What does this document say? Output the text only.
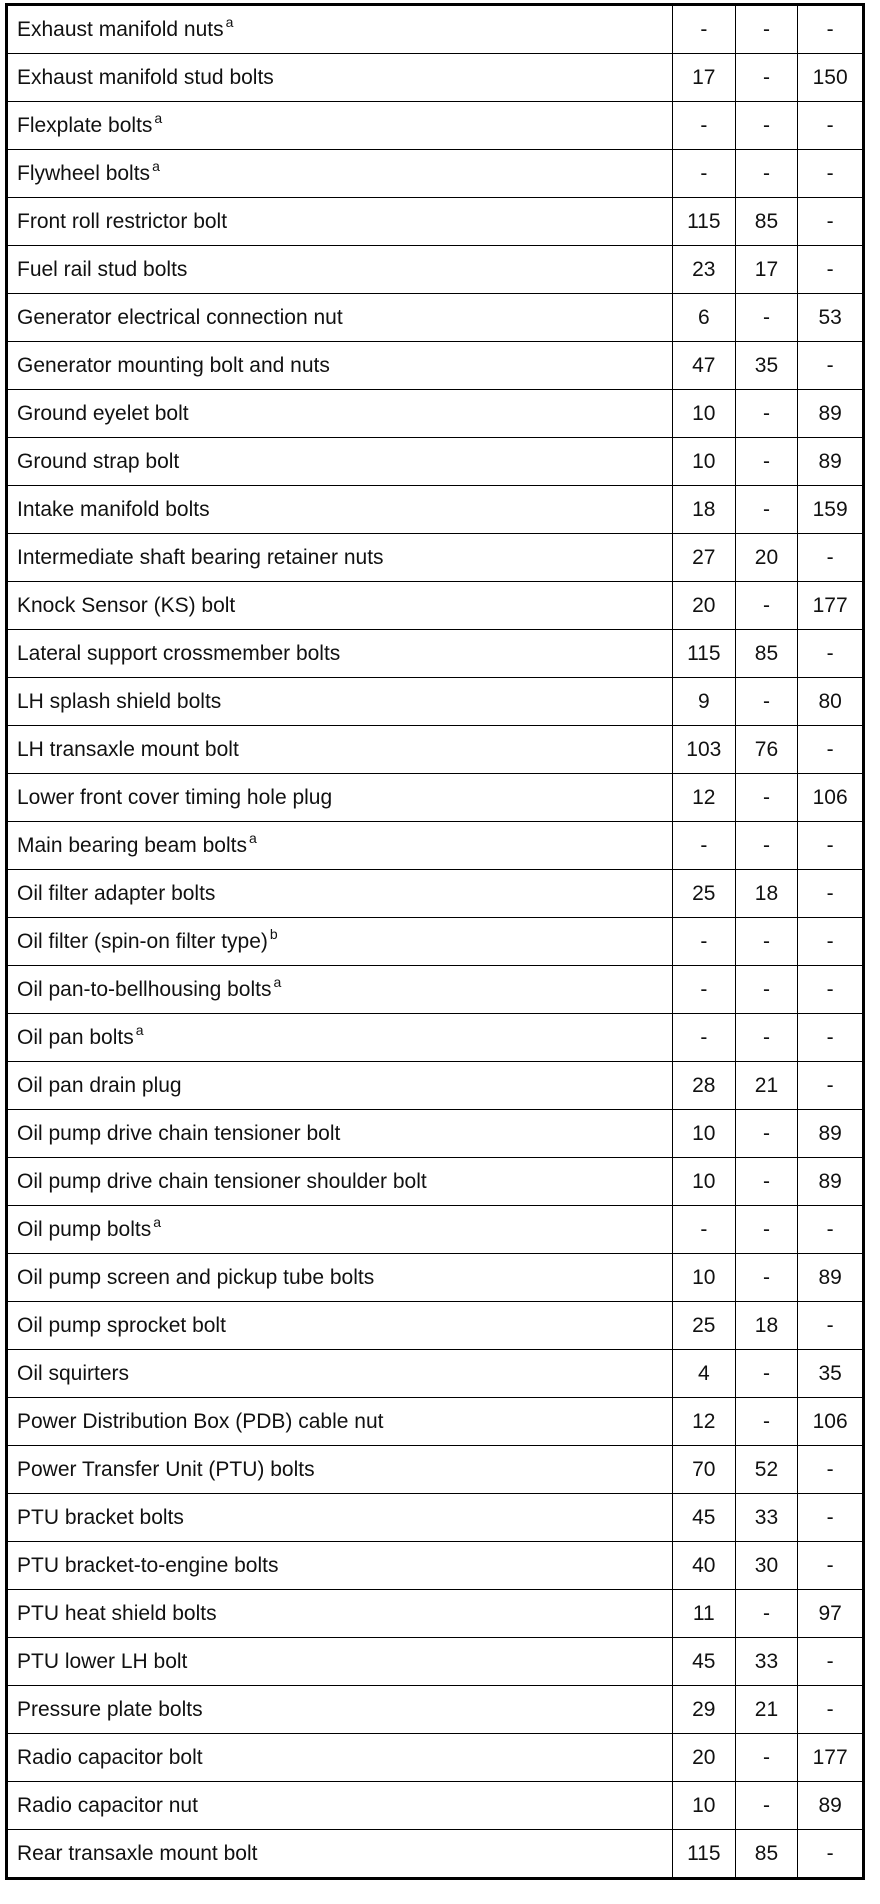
Exhaust manifold nuts $^a$	-	-	-
Exhaust manifold stud bolts	17	-	150
Flexplate bolts $^a$	-	-	-
Flywheel bolts $^a$	-	-	-
Front roll restrictor bolt	115	85	-
Fuel rail stud bolts	23	17	-
Generator electrical connection nut	6	-	53
Generator mounting bolt and nuts	47	35	-
Ground eyelet bolt	10	-	89
Ground strap bolt	10	-	89
Intake manifold bolts	18	-	159
Intermediate shaft bearing retainer nuts	27	20	-
Knock Sensor (KS) bolt	20	-	177
Lateral support crossmember bolts	115	85	-
LH splash shield bolts	9	-	80
LH transaxle mount bolt	103	76	-
Lower front cover timing hole plug	12	-	106
Main bearing beam bolts $^a$	-	-	-
Oil filter adapter bolts	25	18	-
Oil filter (spin-on filter type) $^b$	-	-	-
Oil pan-to-bellhousing bolts $^a$	-	-	-
Oil pan bolts $^a$	-	-	-
Oil pan drain plug	28	21	-
Oil pump drive chain tensioner bolt	10	-	89
Oil pump drive chain tensioner shoulder bolt	10	-	89
Oil pump bolts $^a$	-	-	-
Oil pump screen and pickup tube bolts	10	-	89
Oil pump sprocket bolt	25	18	-
Oil squirters	4	-	35
Power Distribution Box (PDB) cable nut	12	-	106
Power Transfer Unit (PTU) bolts	70	52	-
PTU bracket bolts	45	33	-
PTU bracket-to-engine bolts	40	30	-
PTU heat shield bolts	11	-	97
PTU lower LH bolt	45	33	-
Pressure plate bolts	29	21	-
Radio capacitor bolt	20	-	177
Radio capacitor nut	10	-	89
Rear transaxle mount bolt	115	85	-
